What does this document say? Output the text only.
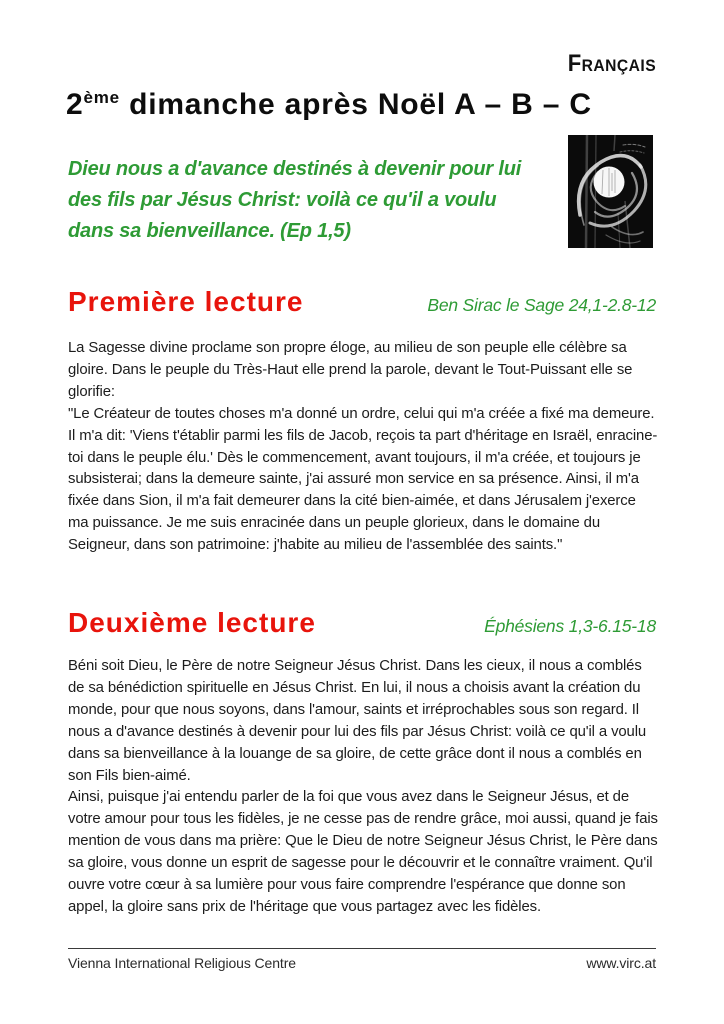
Français
2ème dimanche après Noël A – B – C
Dieu nous a d'avance destinés à devenir pour lui
des fils par Jésus Christ: voilà ce qu'il a voulu
dans sa bienveillance. (Ep 1,5)
Première lecture	Ben Sirac le Sage 24,1-2.8-12

La Sagesse divine proclame son propre éloge, au milieu de son peuple elle célèbre sa gloire. Dans le peuple du Très-Haut elle prend la parole, devant le Tout-Puissant elle se glorifie:

"Le Créateur de toutes choses m'a donné un ordre, celui qui m'a créée a fixé ma demeure. Il m'a dit: 'Viens t'établir parmi les fils de Jacob, reçois ta part d'héritage en Israël, enracine-toi dans le peuple élu.' Dès le commencement, avant toujours, il m'a créée, et toujours je subsisterai; dans la demeure sainte, j'ai assuré mon service en sa présence. Ainsi, il m'a fixée dans Sion, il m'a fait demeurer dans la cité bien-aimée, et dans Jérusalem j'exerce ma puissance. Je me suis enracinée dans un peuple glorieux, dans le domaine du Seigneur, dans son patrimoine: j'habite au milieu de l'assemblée des saints."

Deuxième lecture	Éphésiens 1,3-6.15-18

Béni soit Dieu, le Père de notre Seigneur Jésus Christ. Dans les cieux, il nous a comblés de sa bénédiction spirituelle en Jésus Christ. En lui, il nous a choisis avant la création du monde, pour que nous soyons, dans l'amour, saints et irréprochables sous son regard. Il nous a d'avance destinés à devenir pour lui des fils par Jésus Christ: voilà ce qu'il a voulu dans sa bienveillance à la louange de sa gloire, de cette grâce dont il nous a comblés en son Fils bien-aimé.

Ainsi, puisque j'ai entendu parler de la foi que vous avez dans le Seigneur Jésus, et de votre amour pour tous les fidèles, je ne cesse pas de rendre grâce, moi aussi, quand je fais mention de vous dans ma prière: Que le Dieu de notre Seigneur Jésus Christ, le Père dans sa gloire, vous donne un esprit de sagesse pour le découvrir et le connaître vraiment. Qu'il ouvre votre cœur à sa lumière pour vous faire comprendre l'espérance que donne son appel, la gloire sans prix de l'héritage que vous partagez avec les fidèles.

Vienna International Religious Centre	www.virc.at
